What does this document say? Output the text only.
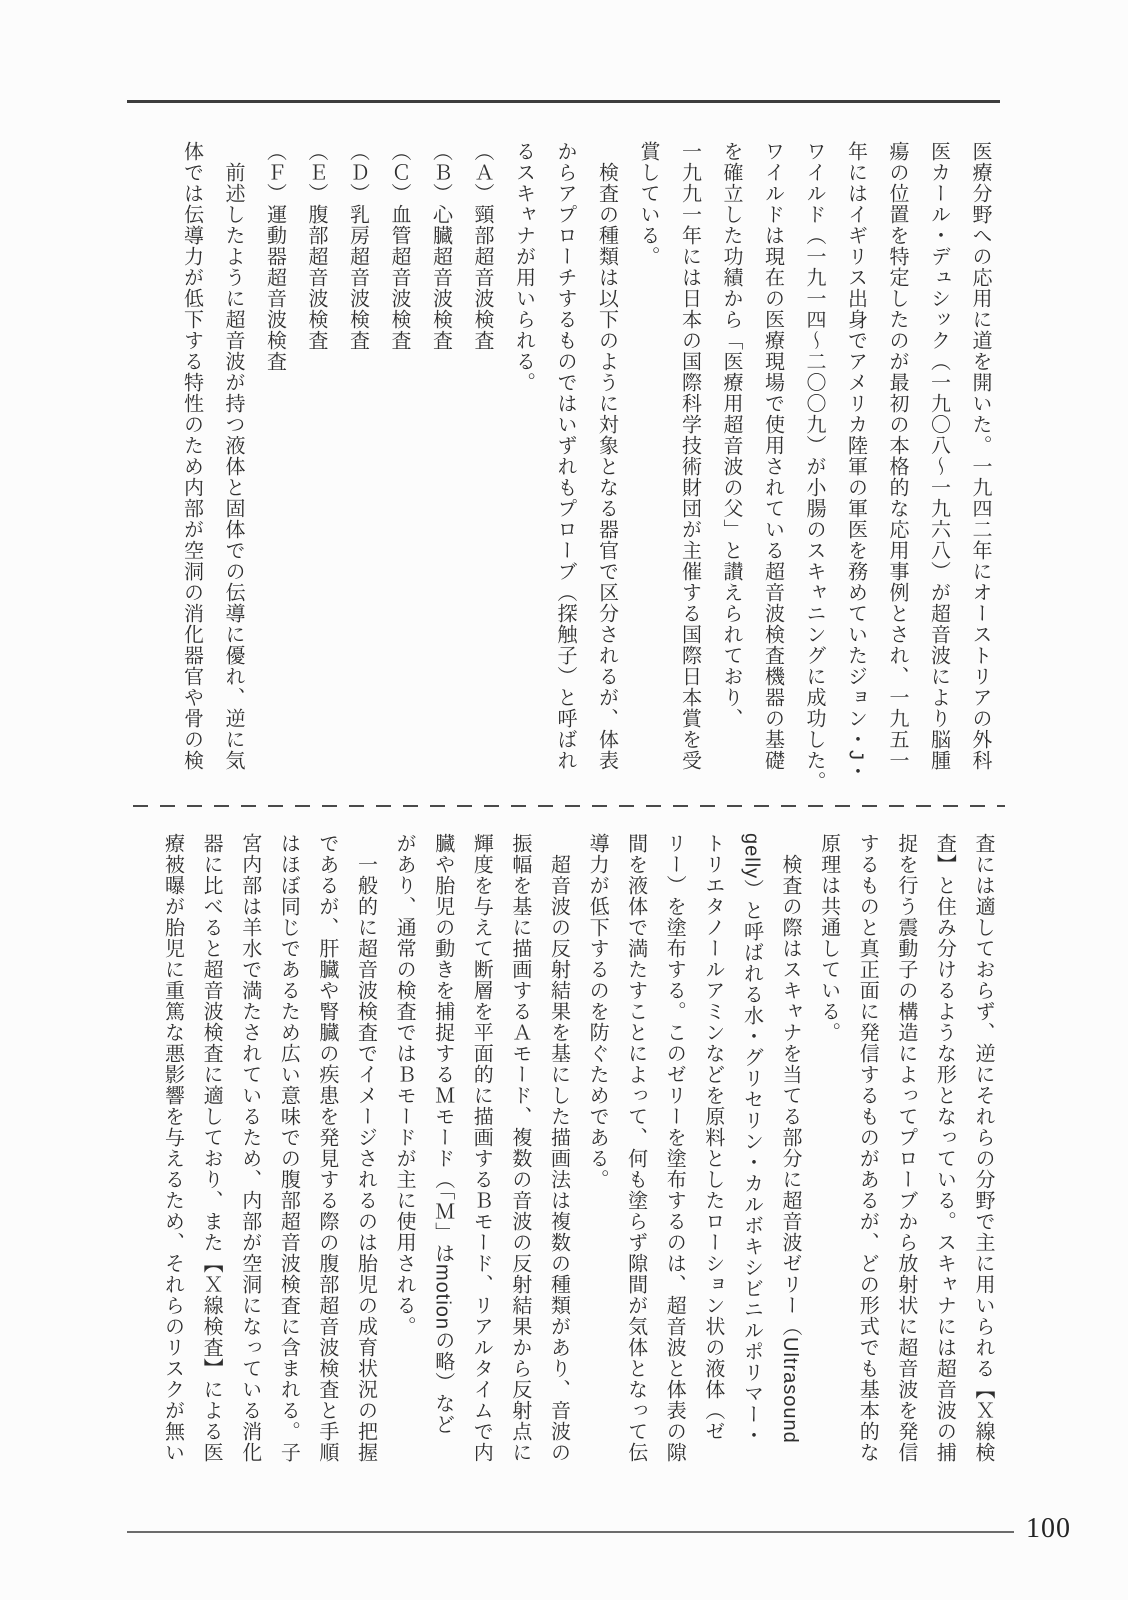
医療分野への応用に道を開いた。一九四二年にオーストリアの外科
医カール・デュシック（一九〇八～一九六八）が超音波により脳腫
瘍の位置を特定したのが最初の本格的な応用事例とされ、一九五一
年にはイギリス出身でアメリカ陸軍の軍医を務めていたジョン・J・
ワイルド（一九一四～二〇〇九）が小腸のスキャニングに成功した。
ワイルドは現在の医療現場で使用されている超音波検査機器の基礎
を確立した功績から「医療用超音波の父」と讃えられており、
一九九一年には日本の国際科学技術財団が主催する国際日本賞を受
賞している。
　検査の種類は以下のように対象となる器官で区分されるが、体表
からアプローチするものではいずれもプローブ（探触子）と呼ばれ
るスキャナが用いられる。
（Ａ）頸部超音波検査
（Ｂ）心臓超音波検査
（Ｃ）血管超音波検査
（Ｄ）乳房超音波検査
（Ｅ）腹部超音波検査
（Ｆ）運動器超音波検査
　前述したように超音波が持つ液体と固体での伝導に優れ、逆に気
体では伝導力が低下する特性のため内部が空洞の消化器官や骨の検
査には適しておらず、逆にそれらの分野で主に用いられる【Ｘ線検
査】と住み分けるような形となっている。スキャナには超音波の捕
捉を行う震動子の構造によってプローブから放射状に超音波を発信
するものと真正面に発信するものがあるが、どの形式でも基本的な
原理は共通している。
　検査の際はスキャナを当てる部分に超音波ゼリー（Ultrasound
gelly）と呼ばれる水・グリセリン・カルボキシビニルポリマー・
トリエタノールアミンなどを原料としたローション状の液体（ゼ
リー）を塗布する。このゼリーを塗布するのは、超音波と体表の隙
間を液体で満たすことによって、何も塗らず隙間が気体となって伝
導力が低下するのを防ぐためである。
　超音波の反射結果を基にした描画法は複数の種類があり、音波の
振幅を基に描画するＡモード、複数の音波の反射結果から反射点に
輝度を与えて断層を平面的に描画するＢモード、リアルタイムで内
臓や胎児の動きを捕捉するＭモード（「Ｍ」はmotionの略）など
があり、通常の検査ではＢモードが主に使用される。
　一般的に超音波検査でイメージされるのは胎児の成育状況の把握
であるが、肝臓や腎臓の疾患を発見する際の腹部超音波検査と手順
はほぼ同じであるため広い意味での腹部超音波検査に含まれる。子
宮内部は羊水で満たされているため、内部が空洞になっている消化
器に比べると超音波検査に適しており、また【Ｘ線検査】による医
療被曝が胎児に重篤な悪影響を与えるため、それらのリスクが無い
100
